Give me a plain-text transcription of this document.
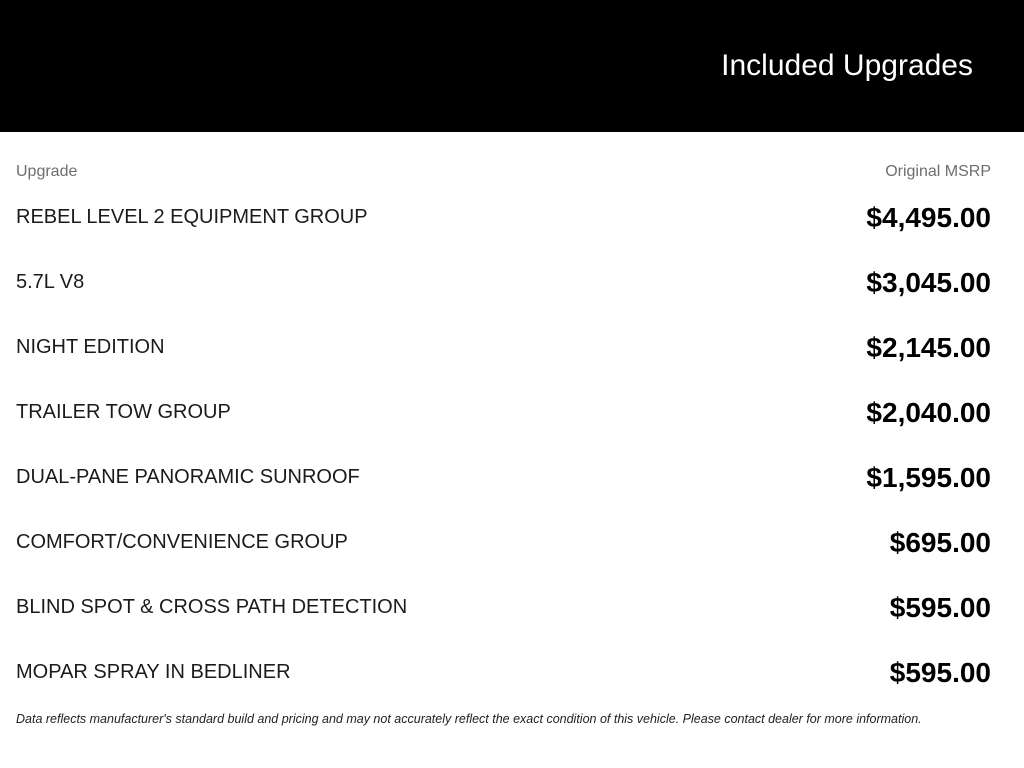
Included Upgrades
Upgrade	Original MSRP
REBEL LEVEL 2 EQUIPMENT GROUP	$4,495.00
5.7L V8	$3,045.00
NIGHT EDITION	$2,145.00
TRAILER TOW GROUP	$2,040.00
DUAL-PANE PANORAMIC SUNROOF	$1,595.00
COMFORT/CONVENIENCE GROUP	$695.00
BLIND SPOT & CROSS PATH DETECTION	$595.00
MOPAR SPRAY IN BEDLINER	$595.00
Data reflects manufacturer's standard build and pricing and may not accurately reflect the exact condition of this vehicle. Please contact dealer for more information.
